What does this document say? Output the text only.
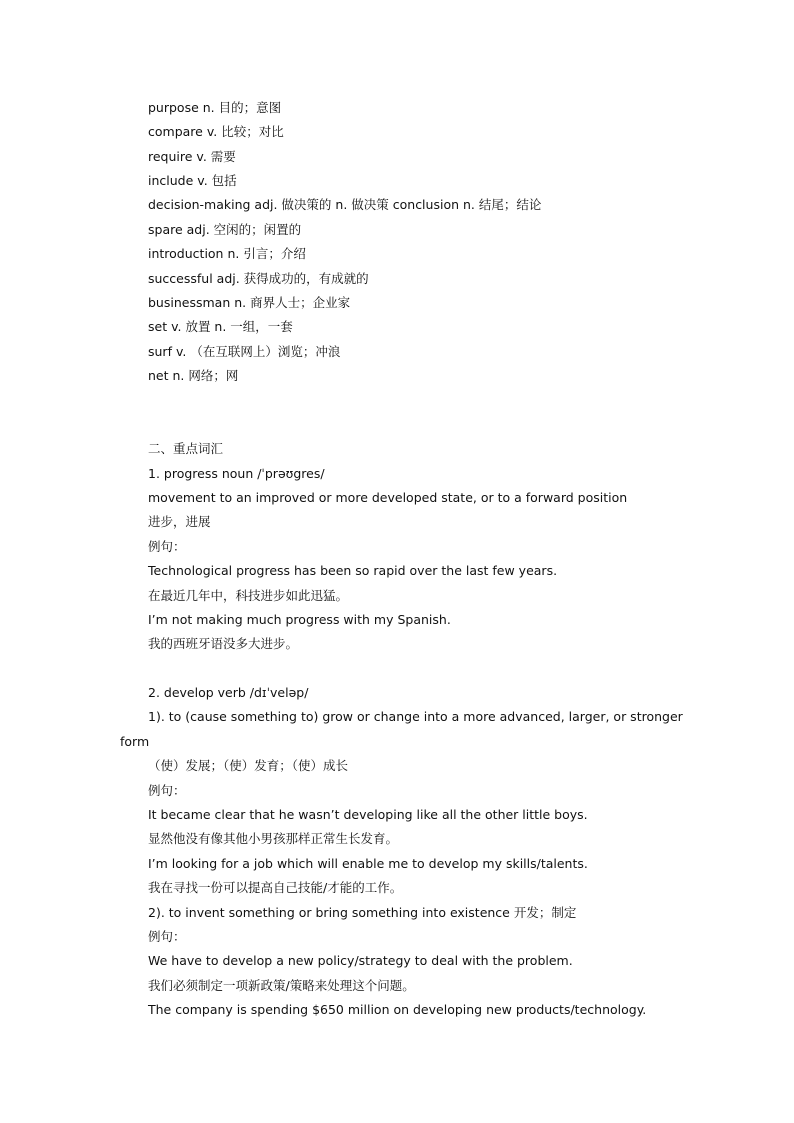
purpose n. 目的；意图
compare v. 比较；对比
require v. 需要
include v. 包括
decision-making adj. 做决策的 n. 做决策 conclusion n. 结尾；结论
spare adj. 空闲的；闲置的
introduction n. 引言；介绍
successful adj. 获得成功的，有成就的
businessman n. 商界人士；企业家
set v. 放置 n. 一组，一套
surf v. （在互联网上）浏览；冲浪
net n. 网络；网
二、重点词汇
1. progress noun /ˈprəʊgres/
movement to an improved or more developed state, or to a forward position
进步，进展
例句：
Technological progress has been so rapid over the last few years.
在最近几年中，科技进步如此迅猛。
I’m not making much progress with my Spanish.
我的西班牙语没多大进步。
2. develop verb /dɪˈveləp/
1). to (cause something to) grow or change into a more advanced, larger, or stronger
form
（使）发展；（使）发育；（使）成长
例句：
It became clear that he wasn’t developing like all the other little boys.
显然他没有像其他小男孩那样正常生长发育。
I’m looking for a job which will enable me to develop my skills/talents.
我在寻找一份可以提高自己技能/才能的工作。
2). to invent something or bring something into existence 开发；制定
例句：
We have to develop a new policy/strategy to deal with the problem.
我们必须制定一项新政策/策略来处理这个问题。
The company is spending $650 million on developing new products/technology.
